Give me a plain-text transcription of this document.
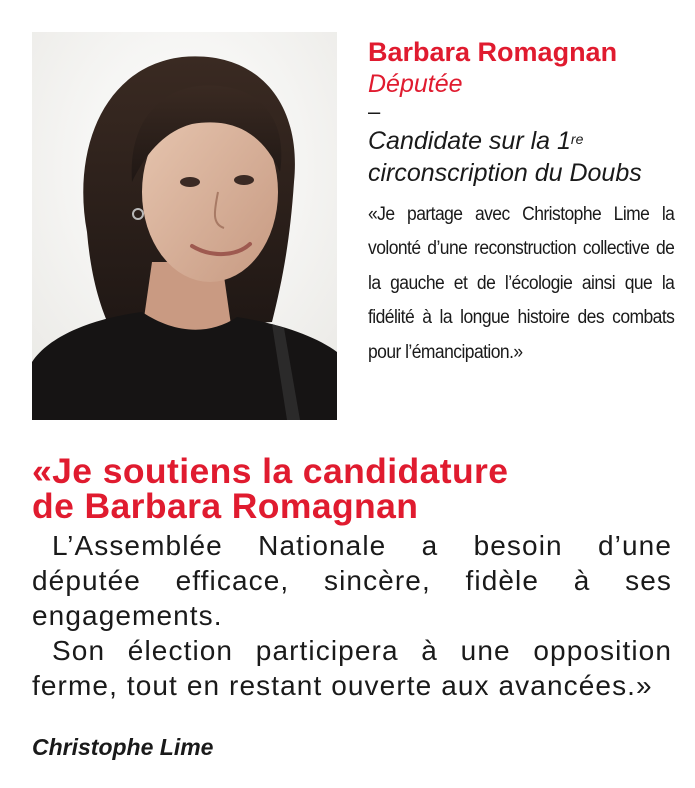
Barbara Romagnan
Députée
–
Candidate sur la 1re
circonscription du Doubs
«Je partage avec Christophe Lime la volonté d’une reconstruction collective de la gauche et de l’écologie ainsi que la fidélité à la longue histoire des combats pour l’émancipation.»
«Je soutiens la candidature
de Barbara Romagnan

L’Assemblée Nationale a besoin d’une députée efficace, sincère, fidèle à ses engagements.

Son élection participera à une opposition ferme, tout en restant ouverte aux avancées.»

Christophe Lime
